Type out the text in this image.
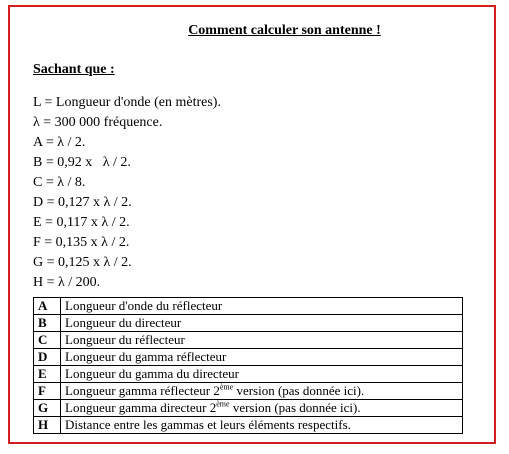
Comment calculer son antenne !
Sachant que :
L = Longueur d'onde (en mètres).
λ = 300 000 fréquence.
A = λ / 2.
B = 0,92 x   λ / 2.
C = λ / 8.
D = 0,127 x λ / 2.
E = 0,117 x λ / 2.
F = 0,135 x λ / 2.
G = 0,125 x λ / 2.
H = λ / 200.
A	Longueur d'onde du réflecteur
B	Longueur du directeur
C	Longueur du réflecteur
D	Longueur du gamma réflecteur
E	Longueur du gamma du directeur
F	Longueur gamma réflecteur 2ème version (pas donnée ici).
G	Longueur gamma directeur 2ème version (pas donnée ici).
H	Distance entre les gammas et leurs éléments respectifs.
